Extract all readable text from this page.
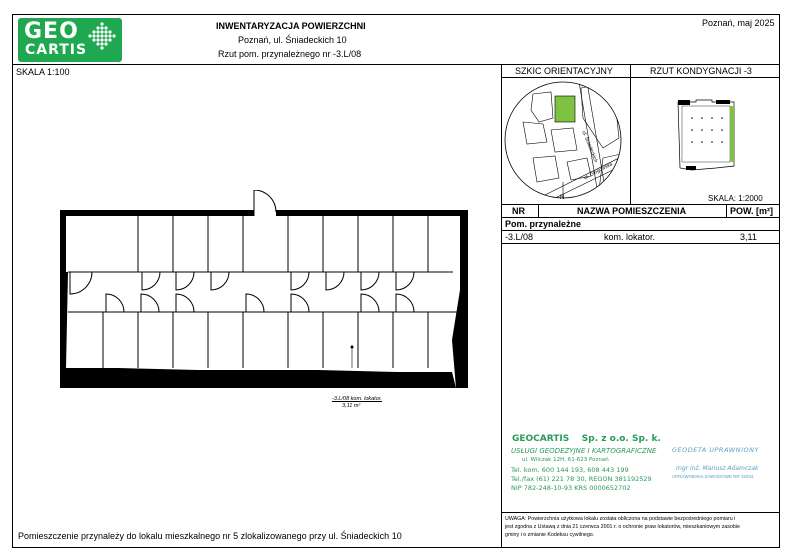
GEO
CARTIS
INWENTARYZACJA POWIERZCHNI
Poznań, ul. Śniadeckich 10
Rzut pom. przynależnego nr -3.L/08
Poznań, maj 2025
SKALA 1:100
-3.L/08 kom. lokator.
3,11 m²
Pomieszczenie przynależy do lokalu mieszkalnego nr 5 zlokalizowanego przy ul. Śniadeckich 10
SZKIC ORIENTACYJNY	RZUT KONDYGNACJI -3
ul. Śniadeckich
ul. Głogowska
N	SKALA: 1:2000
NR	NAZWA POMIESZCZENIA	POW. [m²]
Pom. przynależne
-3.L/08	kom. lokator.	3,11
GEOCARTIS    Sp. z o.o. Sp. k.
USŁUGI GEODEZYJNE I KARTOGRAFICZNE
ul. Wilczak 12H, 61-623 Poznań
Tel. kom. 600 144 193, 608 443 199
Tel./fax (61) 221 78 30, REGON 381192529
NIP 782-248-10-93 KRS 0000652702
GEODETA UPRAWNIONY
mgr inż. Mariusz Adamczak
UPRAWNIENIA ZAWODOWE NR 19234
UWAGA: Powierzchnia użytkowa lokalu została obliczona na podstawie bezpośredniego pomiaru i
jest zgodna z Ustawą z dnia 21 czerwca 2001 r. o ochronie praw lokatorów, mieszkaniowym zasobie
gminy i o zmianie Kodeksu cywilnego.
